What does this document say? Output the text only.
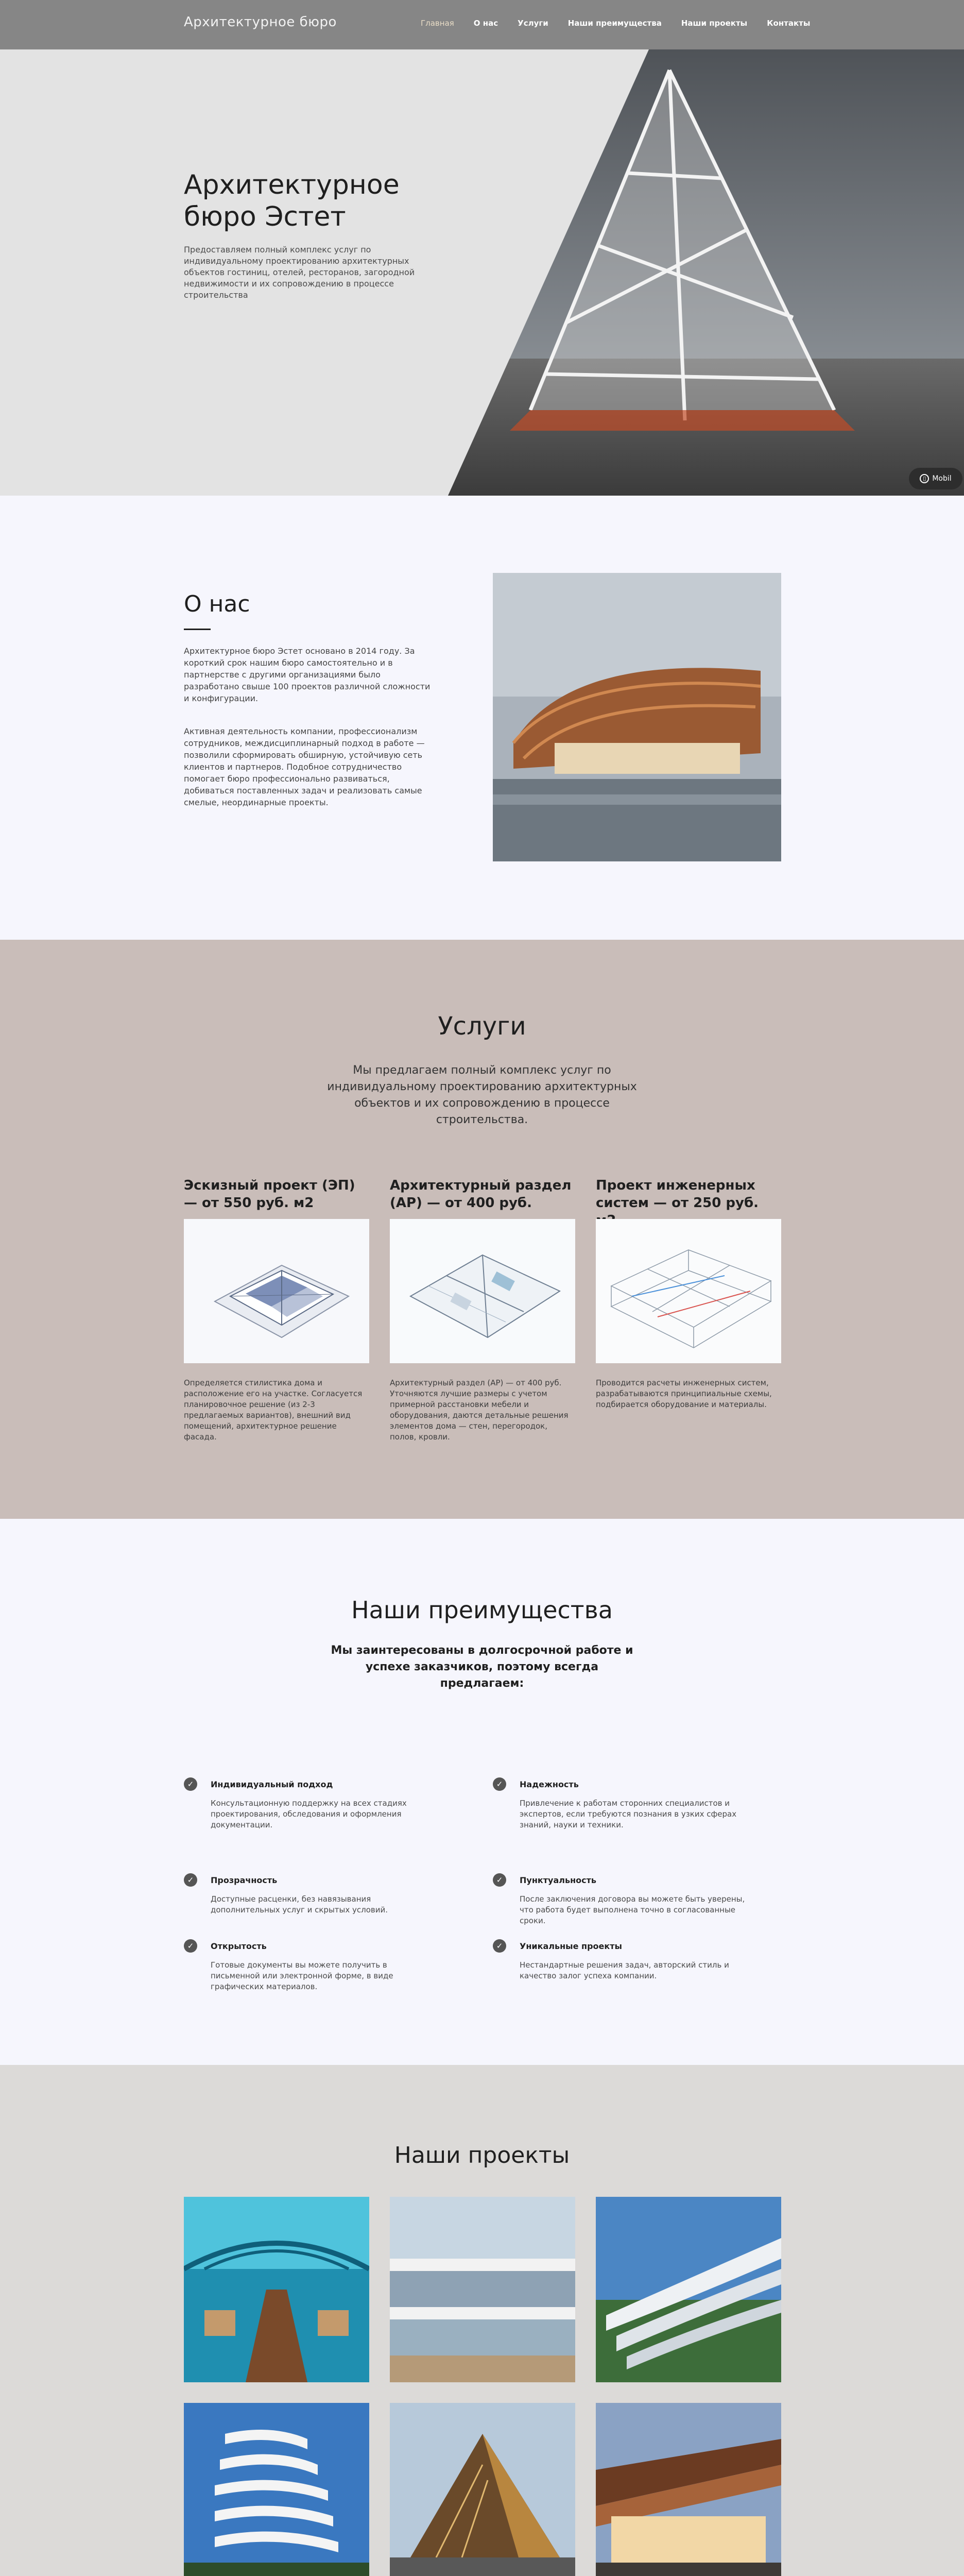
Архитектурное бюро	Главная	О нас	Услуги	Наши преимущества	Наши проекты	Контакты
Архитектурное
бюро Эстет
Предоставляем полный комплекс услуг по индивидуальному проектированию архитектурных объектов гостиниц, отелей, ресторанов, загородной недвижимости и их сопровождению в процессе строительства
▯ Mobil
О нас

Архитектурное бюро Эстет основано в 2014 году. За короткий срок нашим бюро самостоятельно и в партнерстве с другими организациями было разработано свыше 100 проектов различной сложности и конфигурации.

Активная деятельность компании, профессионализм сотрудников, междисциплинарный подход в работе — позволили сформировать обширную, устойчивую сеть клиентов и партнеров. Подобное сотрудничество помогает бюро профессионально развиваться, добиваться поставленных задач и реализовать самые смелые, неординарные проекты.

Услуги

Мы предлагаем полный комплекс услуг по индивидуальному проектированию архитектурных объектов и их сопровождению в процессе строительства.

Эскизный проект (ЭП) — от 550 руб. м2

Определяется стилистика дома и расположение его на участке. Согласуется планировочное решение (из 2-3 предлагаемых вариантов), внешний вид помещений, архитектурное решение фасада.

Архитектурный раздел (АР) — от 400 руб.

Архитектурный раздел (АР) — от 400 руб. Уточняются лучшие размеры с учетом примерной расстановки мебели и оборудования, даются детальные решения элементов дома — стен, перегородок, полов, кровли.

Проект инженерных систем — от 250 руб.

Проводится расчеты инженерных систем, разрабатываются принципиальные схемы, подбирается оборудование и материалы.

Наши преимущества

Мы заинтересованы в долгосрочной работе и успехе заказчиков, поэтому всегда предлагаем:

✓	Индивидуальный подход

Консультационную поддержку на всех стадиях проектирования, обследования и оформления документации.

✓	Надежность

Привлечение к работам сторонних специалистов и экспертов, если требуются познания в узких сферах знаний, науки и техники.

✓	Прозрачность

Доступные расценки, без навязывания дополнительных услуг и скрытых условий.

✓	Пунктуальность

После заключения договора вы можете быть уверены, что работа будет выполнена точно в согласованные сроки.

✓	Открытость

Готовые документы вы можете получить в письменной или электронной форме, в виде графических материалов.

✓	Уникальные проекты

Нестандартные решения задач, авторский стиль и качество залог успеха компании.

Наши проекты
